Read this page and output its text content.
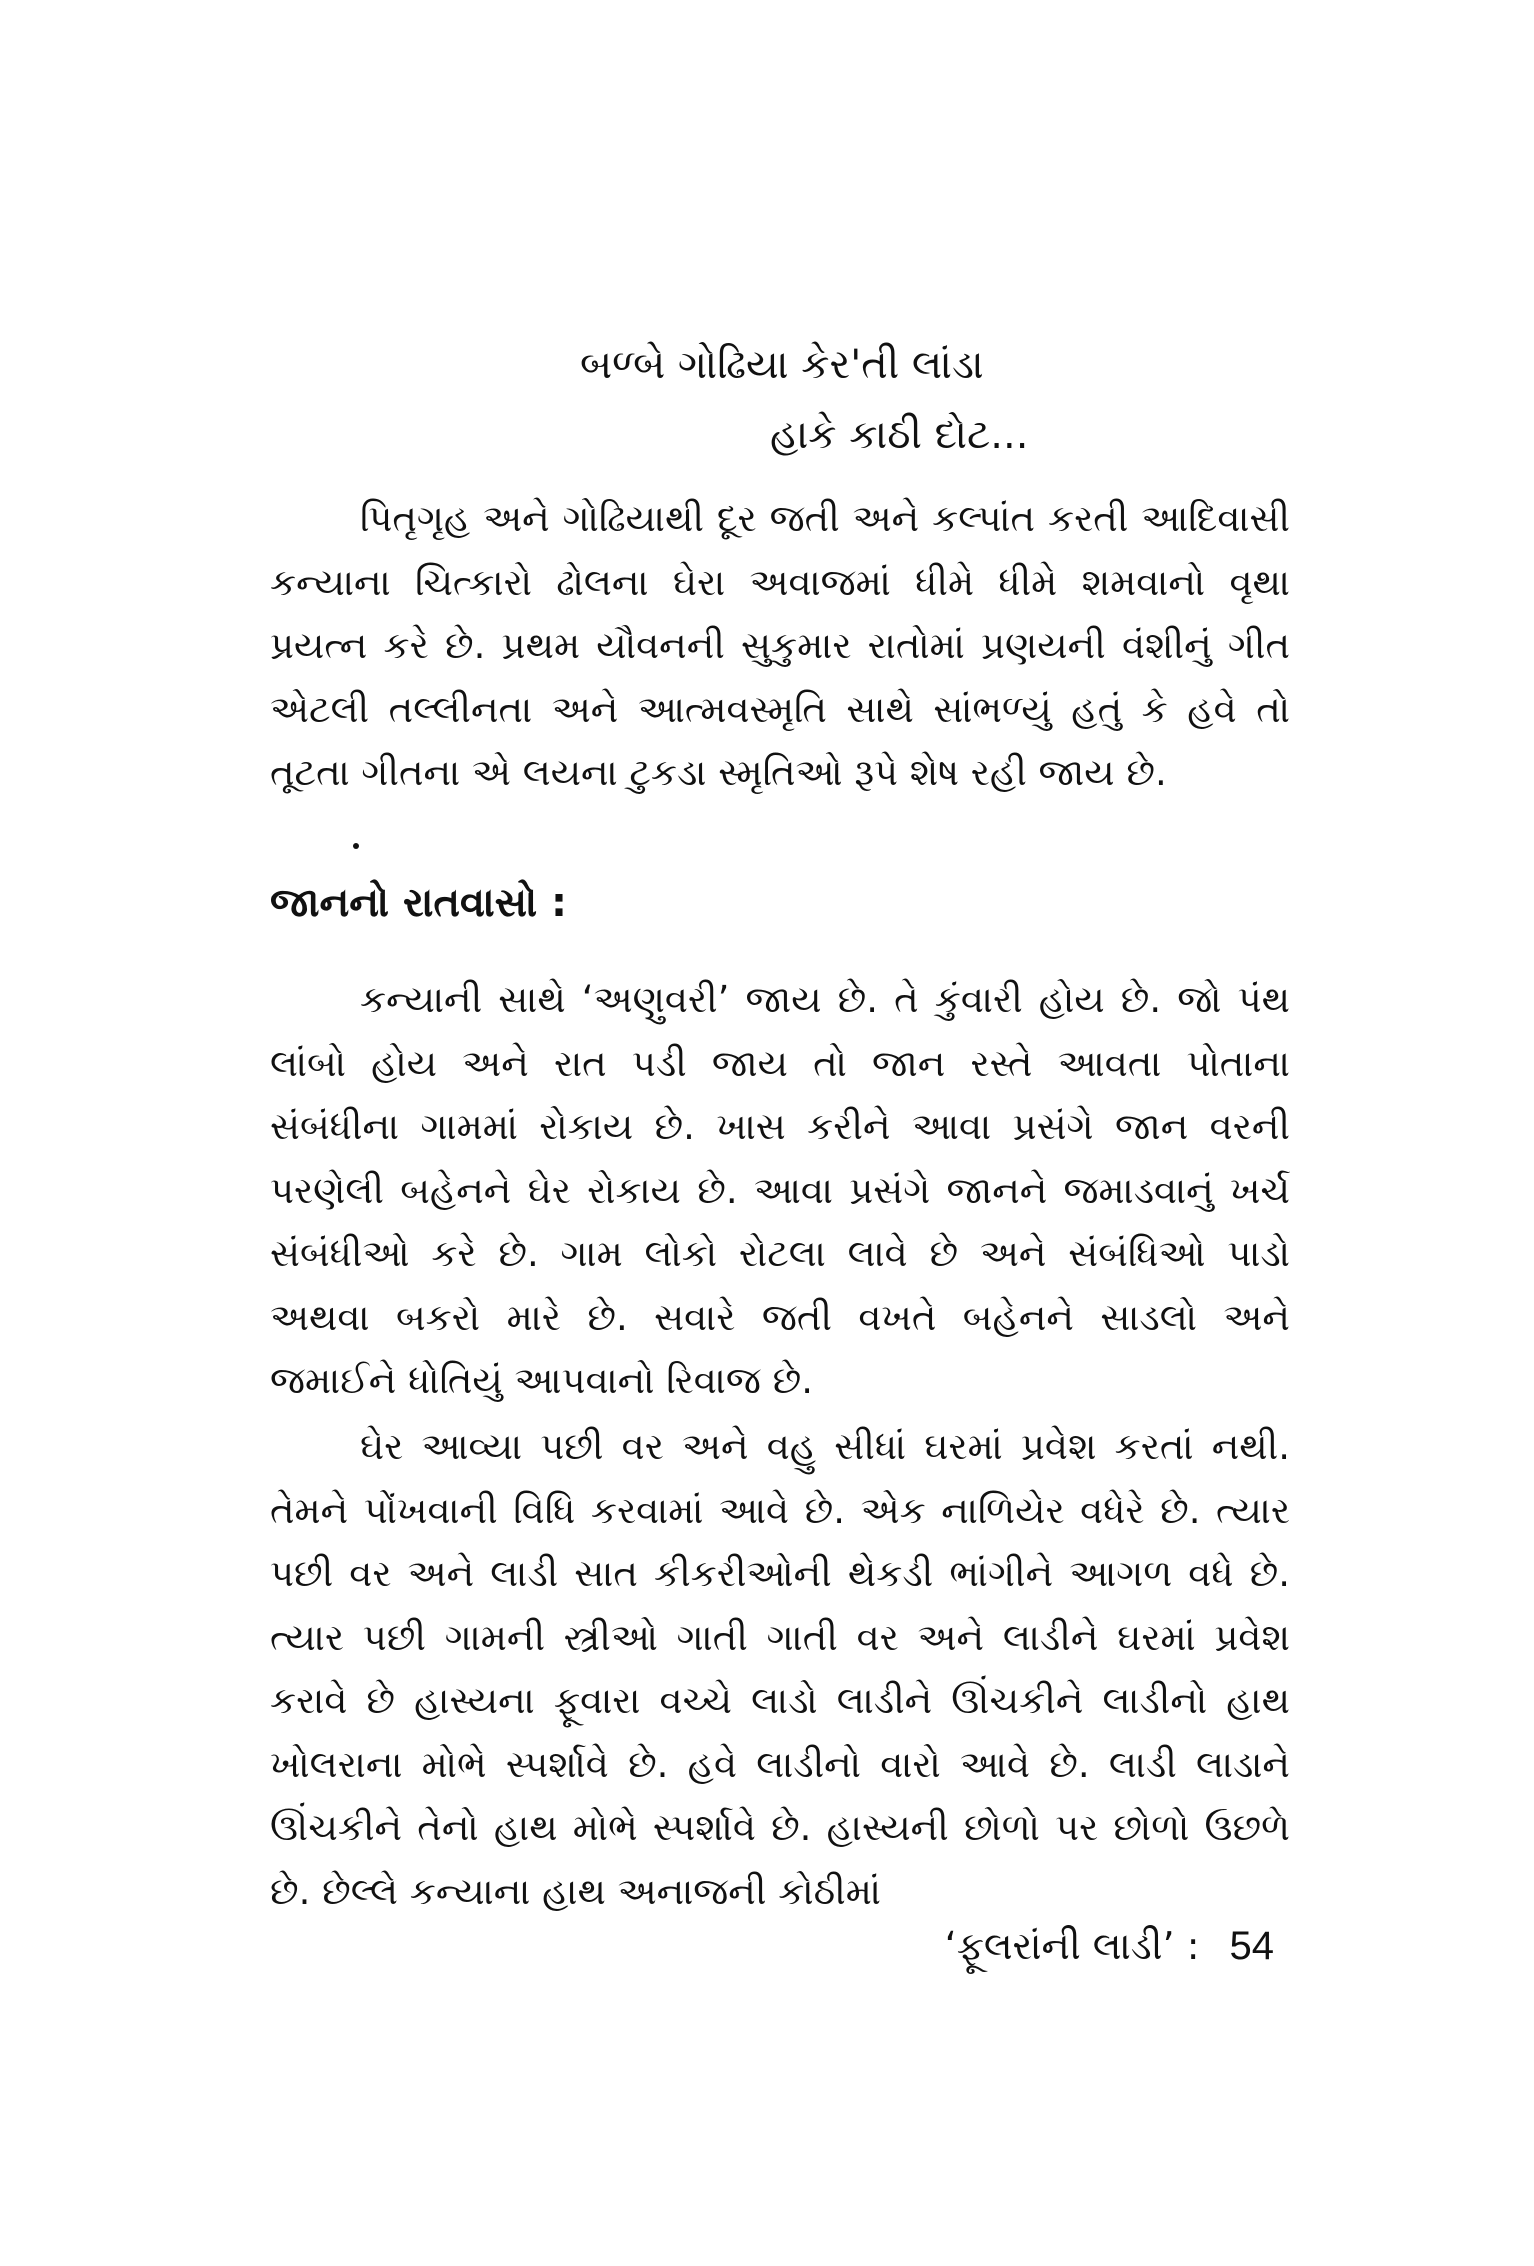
બળ્બે ગોઢિયા કેર'તી લાંડા
હાકે કાઠી દોટ...

પિતૃગૃહ અને ગોઢિયાથી દૂર જતી અને કલ્પાંત કરતી આદિવાસી કન્યાના ચિત્કારો ઢોલના ઘેરા અવાજમાં ધીમે ધીમે શમવાનો વૃથા પ્રયત્ન કરે છે. પ્રથમ યૌવનની સુકુમાર રાતોમાં પ્રણયની વંશીનું ગીત એટલી તલ્લીનતા અને આત્મવસ્મૃતિ સાથે સાંભળ્યું હતું કે હવે તો તૂટતા ગીતના એ લયના ટુકડા સ્મૃતિઓ રૂપે શેષ રહી જાય છે.

જાનનો રાતવાસો :

કન્યાની સાથે ‘અણુવરી’ જાય છે. તે કુંવારી હોય છે. જો પંથ લાંબો હોય અને રાત પડી જાય તો જાન રસ્તે આવતા પોતાના સંબંધીના ગામમાં રોકાય છે. ખાસ કરીને આવા પ્રસંગે જાન વરની પરણેલી બહેનને ઘેર રોકાય છે. આવા પ્રસંગે જાનને જમાડવાનું ખર્ચ સંબંધીઓ કરે છે. ગામ લોકો રોટલા લાવે છે અને સંબંધિઓ પાડો અથવા બકરો મારે છે. સવારે જતી વખતે બહેનને સાડલો અને જમાઈને ધોતિયું આપવાનો રિવાજ છે.

ઘેર આવ્યા પછી વર અને વહુ સીધાં ઘરમાં પ્રવેશ કરતાં નથી. તેમને પોંખવાની વિધિ કરવામાં આવે છે. એક નાળિયેર વધેરે છે. ત્યાર પછી વર અને લાડી સાત કીકરીઓની થેકડી ભાંગીને આગળ વધે છે. ત્યાર પછી ગામની સ્ત્રીઓ ગાતી ગાતી વર અને લાડીને ઘરમાં પ્રવેશ કરાવે છે હાસ્યના ફૂવારા વચ્ચે લાડો લાડીને ઊંચકીને લાડીનો હાથ ખોલરાના મોભે સ્પર્શાવે છે. હવે લાડીનો વારો આવે છે. લાડી લાડાને ઊંચકીને તેનો હાથ મોભે સ્પર્શાવે છે. હાસ્યની છોળો પર છોળો ઉછળે છે. છેલ્લે કન્યાના હાથ અનાજની કોઠીમાં

‘ફૂલરાંની લાડી’ : 54
